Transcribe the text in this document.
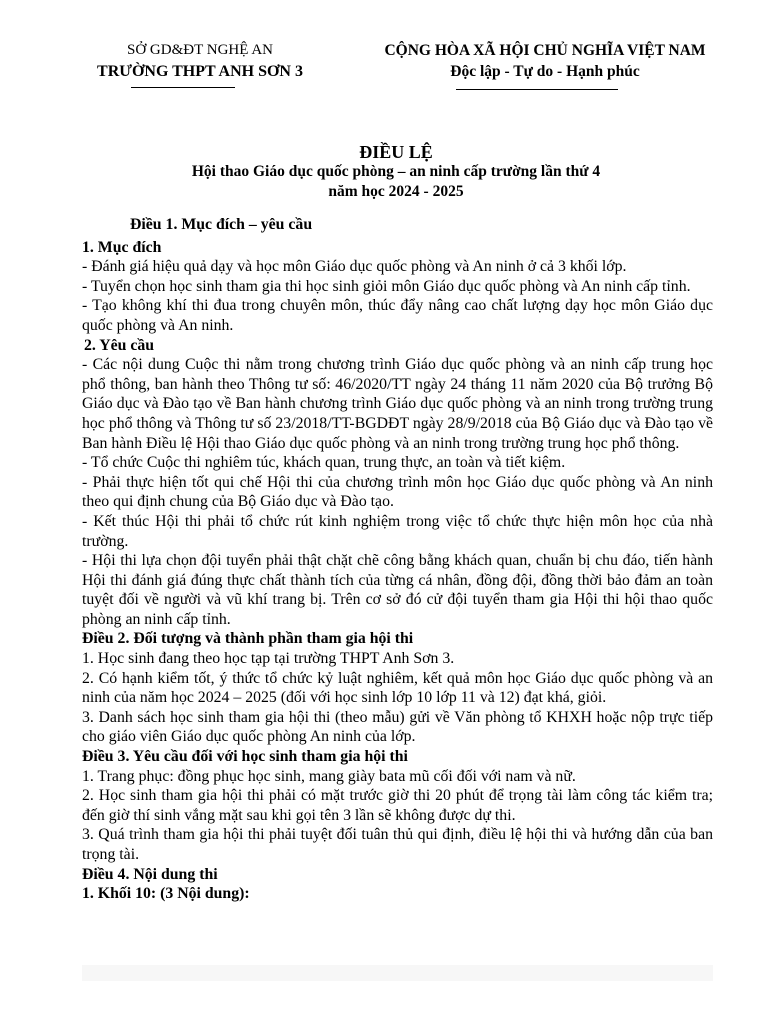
SỞ GD&ĐT NGHỆ AN
TRƯỜNG THPT ANH SƠN 3
CỘNG HÒA XÃ HỘI CHỦ NGHĨA VIỆT NAM
Độc lập - Tự do - Hạnh phúc
ĐIỀU LỆ
Hội thao Giáo dục quốc phòng – an ninh cấp trường lần thứ 4
năm học 2024 - 2025

Điều 1. Mục đích – yêu cầu

1. Mục đích

- Đánh giá hiệu quả dạy và học môn Giáo dục quốc phòng và An ninh ở cả 3 khối lớp.

- Tuyển chọn học sinh tham gia thi học sinh giỏi môn Giáo dục quốc phòng và An ninh cấp tỉnh.

- Tạo không khí thi đua trong chuyên môn, thúc đẩy nâng cao chất lượng dạy học môn Giáo dục quốc phòng và An ninh.

2. Yêu cầu

- Các nội dung Cuộc thi nằm trong chương trình Giáo dục quốc phòng và an ninh cấp trung học phổ thông, ban hành theo Thông tư số: 46/2020/TT ngày 24 tháng 11 năm 2020 của Bộ trưởng Bộ Giáo dục và Đào tạo về Ban hành chương trình Giáo dục quốc phòng và an ninh trong trường trung học phổ thông và Thông tư số 23/2018/TT-BGDĐT ngày 28/9/2018 của Bộ Giáo dục và Đào tạo về Ban hành Điều lệ Hội thao Giáo dục quốc phòng và an ninh trong trường trung học phổ thông.

- Tổ chức Cuộc thi nghiêm túc, khách quan, trung thực, an toàn và tiết kiệm.

- Phải thực hiện tốt qui chế Hội thi của chương trình môn học Giáo dục quốc phòng và An ninh theo qui định chung của Bộ Giáo dục và Đào tạo.

- Kết thúc Hội thi phải tổ chức rút kinh nghiệm trong việc tổ chức thực hiện môn học của nhà trường.

- Hội thi lựa chọn đội tuyển phải thật chặt chẽ công bằng khách quan, chuẩn bị chu đáo, tiến hành Hội thi đánh giá đúng thực chất thành tích của từng cá nhân, đồng đội, đồng thời bảo đảm an toàn tuyệt đối về người và vũ khí trang bị. Trên cơ sở đó cử đội tuyển tham gia Hội thi hội thao quốc phòng an ninh cấp tỉnh.

Điều 2. Đối tượng và thành phần tham gia hội thi

1. Học sinh đang theo học tạp tại trường THPT Anh Sơn 3.

2. Có hạnh kiểm tốt, ý thức tổ chức kỷ luật nghiêm, kết quả môn học Giáo dục quốc phòng và an ninh của năm học 2024 – 2025 (đối với học sinh lớp 10 lớp 11 và 12) đạt khá, giỏi.

3. Danh sách học sinh tham gia hội thi (theo mẫu) gửi về Văn phòng tổ KHXH hoặc nộp trực tiếp cho giáo viên Giáo dục quốc phòng An ninh của lớp.

Điều 3. Yêu cầu đối với học sinh tham gia hội thi

1. Trang phục: đồng phục học sinh, mang giày bata mũ cối đối với nam và nữ.

2. Học sinh tham gia hội thi phải có mặt trước giờ thi 20 phút để trọng tài làm công tác kiểm tra; đến giờ thí sinh vắng mặt sau khi gọi tên 3 lần sẽ không được dự thi.

3. Quá trình tham gia hội thi phải tuyệt đối tuân thủ qui định, điều lệ hội thi và hướng dẫn của ban trọng tài.

Điều 4. Nội dung thi

1. Khối 10: (3 Nội dung):
